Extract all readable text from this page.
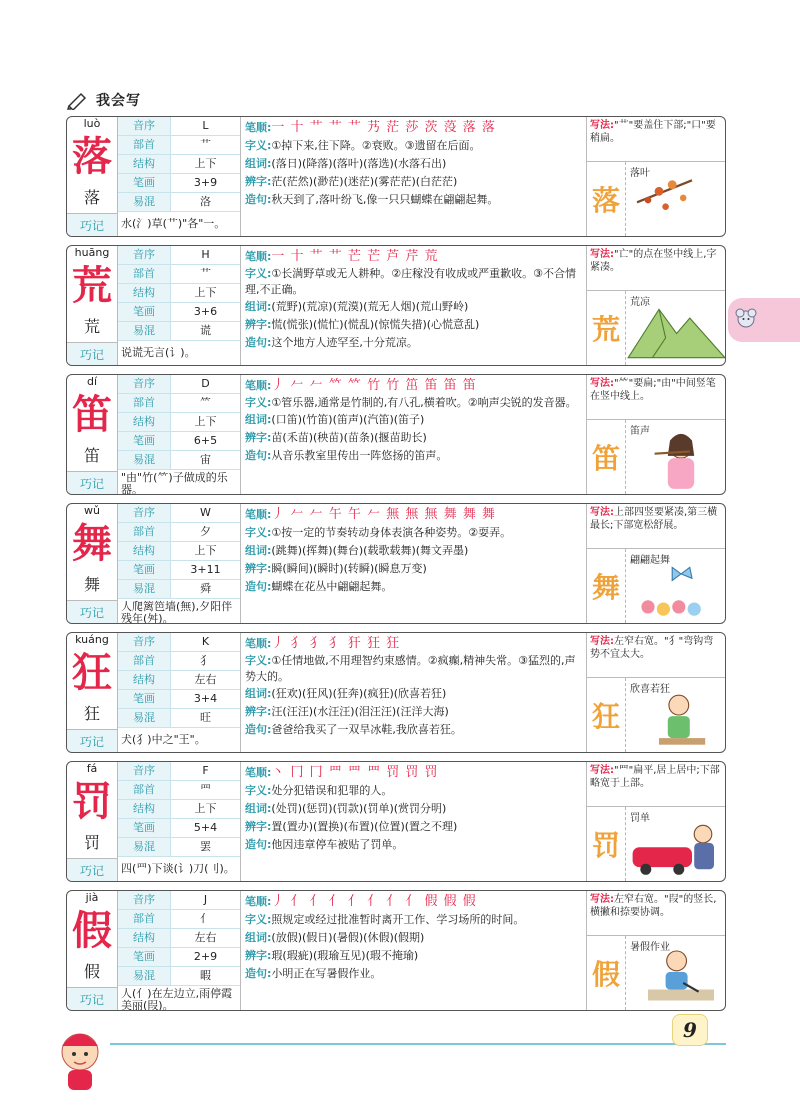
我会写
luò
落
落
巧记
音序	L
部首	艹
结构	上下
笔画	3+9
易混	洛
水(氵)草(艹)"各"一。
笔顺:一 十 艹 艹 艹 艿 茫 莎 茨 莈 落 落
字义:①掉下来,往下降。②衰败。③遗留在后面。
组词:(落日)(降落)(落叶)(落选)(水落石出)
辨字:茫(茫然)(渺茫)(迷茫)(雾茫茫)(白茫茫)
造句:秋天到了,落叶纷飞,像一只只蝴蝶在翩翩起舞。
写法:"艹"要盖住下部;"口"要稍扁。
落
落叶
huāng
荒
荒
巧记
音序	H
部首	艹
结构	上下
笔画	3+6
易混	谎
说谎无言(讠)。
笔顺:一 十 艹 艹 芒 芒 芦 芹 荒
字义:①长满野草或无人耕种。②庄稼没有收成或严重歉收。③不合情理,不正确。
组词:(荒野)(荒凉)(荒漠)(荒无人烟)(荒山野岭)
辨字:慌(慌张)(慌忙)(慌乱)(惊慌失措)(心慌意乱)
造句:这个地方人迹罕至,十分荒凉。
写法:"亡"的点在竖中线上,字紧凑。
荒
荒凉
dí
笛
笛
巧记
音序	D
部首	⺮
结构	上下
笔画	6+5
易混	宙
"由"竹(⺮)子做成的乐器。
笔顺:丿 𠂉 𠂉 𥫗 𥫗 竹 竹 笜 笛 笛 笛
字义:①管乐器,通常是竹制的,有八孔,横着吹。②响声尖锐的发音器。
组词:(口笛)(竹笛)(笛声)(汽笛)(笛子)
辨字:苗(禾苗)(秧苗)(苗条)(揠苗助长)
造句:从音乐教室里传出一阵悠扬的笛声。
写法:"⺮"要扁;"由"中间竖笔在竖中线上。
笛
笛声
wǔ
舞
舞
巧记
音序	W
部首	夕
结构	上下
笔画	3+11
易混	舜
人爬篱笆墙(無),夕阳伴残年(舛)。
笔顺:丿 𠂉 𠂉 午 午 𠂉 無 無 無 舞 舞 舞
字义:①按一定的节奏转动身体表演各种姿势。②耍弄。
组词:(跳舞)(挥舞)(舞台)(载歌载舞)(舞文弄墨)
辨字:瞬(瞬间)(瞬时)(转瞬)(瞬息万变)
造句:蝴蝶在花丛中翩翩起舞。
写法:上部四竖要紧凑,第三横最长;下部宽松舒展。
舞
翩翩起舞
kuáng
狂
狂
巧记
音序	K
部首	犭
结构	左右
笔画	3+4
易混	旺
犬(犭)中之"王"。
笔顺:丿 犭 犭 犭 犴 狂 狂
字义:①任情地做,不用理智约束感情。②疯癫,精神失常。③猛烈的,声势大的。
组词:(狂欢)(狂风)(狂奔)(疯狂)(欣喜若狂)
辨字:汪(汪汪)(水汪汪)(泪汪汪)(汪洋大海)
造句:爸爸给我买了一双旱冰鞋,我欣喜若狂。
写法:左窄右宽。"犭"弯钩弯势不宜太大。
狂
欣喜若狂
fá
罚
罚
巧记
音序	F
部首	罒
结构	上下
笔画	5+4
易混	罢
四(罒)下谈(讠)刀(刂)。
笔顺:丶 冂 冂 罒 罒 罒 罚 罚 罚
字义:处分犯错误和犯罪的人。
组词:(处罚)(惩罚)(罚款)(罚单)(赏罚分明)
辨字:置(置办)(置换)(布置)(位置)(置之不理)
造句:他因违章停车被贴了罚单。
写法:"罒"扁平,居上居中;下部略宽于上部。
罚
罚单
jià
假
假
巧记
音序	J
部首	亻
结构	左右
笔画	2+9
易混	暇
人(亻)在左边立,雨停霞美丽(叚)。
笔顺:丿 亻 亻 亻 亻 亻 亻 亻 假 假 假
字义:照规定或经过批准暂时离开工作、学习场所的时间。
组词:(放假)(假日)(暑假)(休假)(假期)
辨字:瑕(瑕疵)(瑕瑜互见)(瑕不掩瑜)
造句:小明正在写暑假作业。
写法:左窄右宽。"叚"的竖长,横撇和捺要协调。
假
暑假作业
9
